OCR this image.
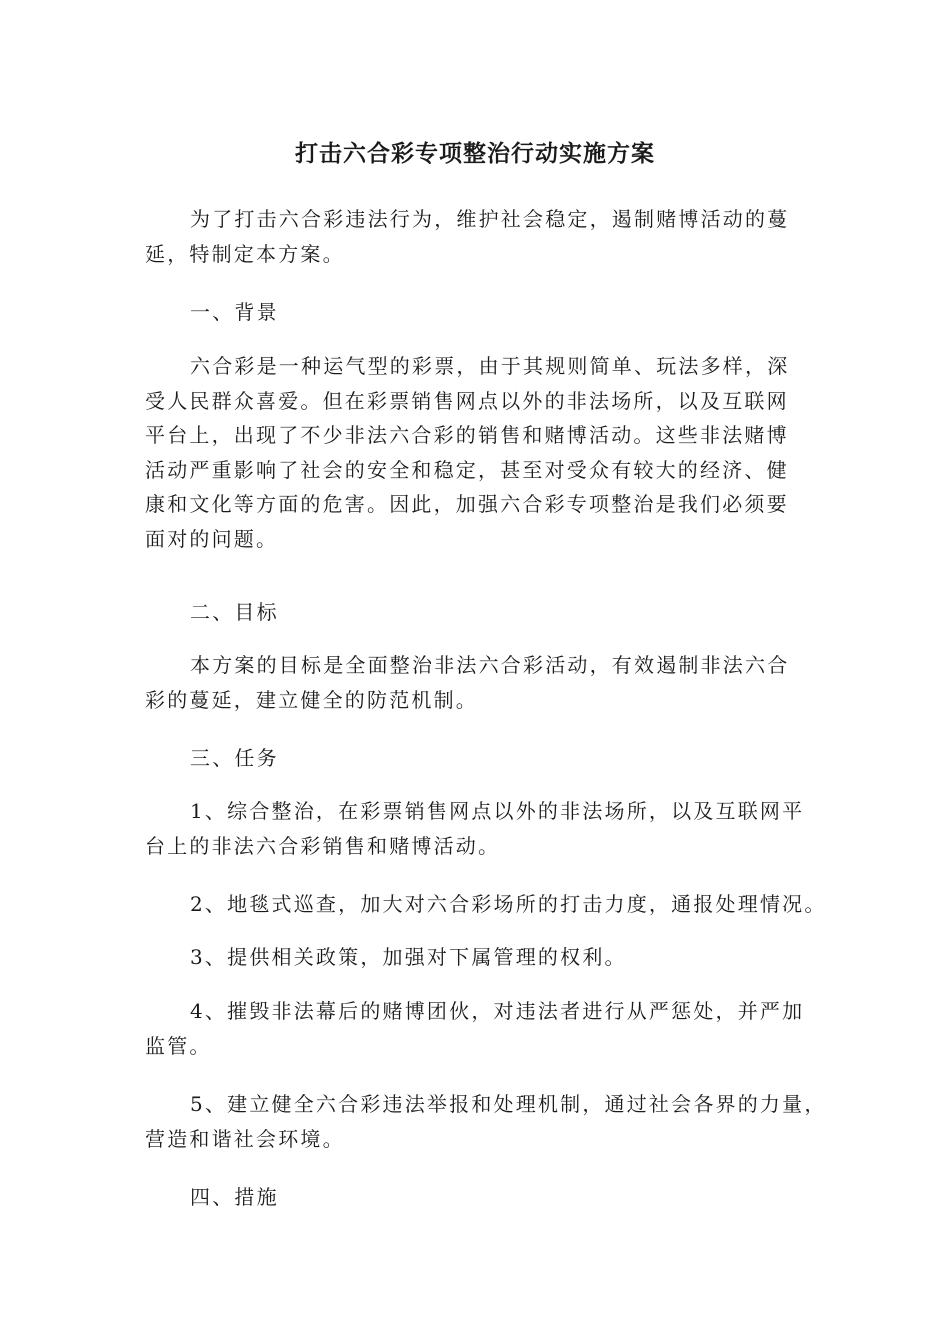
打击六合彩专项整治行动实施方案

为了打击六合彩违法行为，维护社会稳定，遏制赌博活动的蔓
延，特制定本方案。

一、背景

六合彩是一种运气型的彩票，由于其规则简单、玩法多样，深
受人民群众喜爱。但在彩票销售网点以外的非法场所，以及互联网
平台上，出现了不少非法六合彩的销售和赌博活动。这些非法赌博
活动严重影响了社会的安全和稳定，甚至对受众有较大的经济、健
康和文化等方面的危害。因此，加强六合彩专项整治是我们必须要
面对的问题。

二、目标

本方案的目标是全面整治非法六合彩活动，有效遏制非法六合
彩的蔓延，建立健全的防范机制。

三、任务

1、综合整治，在彩票销售网点以外的非法场所，以及互联网平
台上的非法六合彩销售和赌博活动。

2、地毯式巡查，加大对六合彩场所的打击力度，通报处理情况。

3、提供相关政策，加强对下属管理的权利。

4、摧毁非法幕后的赌博团伙，对违法者进行从严惩处，并严加
监管。

5、建立健全六合彩违法举报和处理机制，通过社会各界的力量，
营造和谐社会环境。

四、措施
